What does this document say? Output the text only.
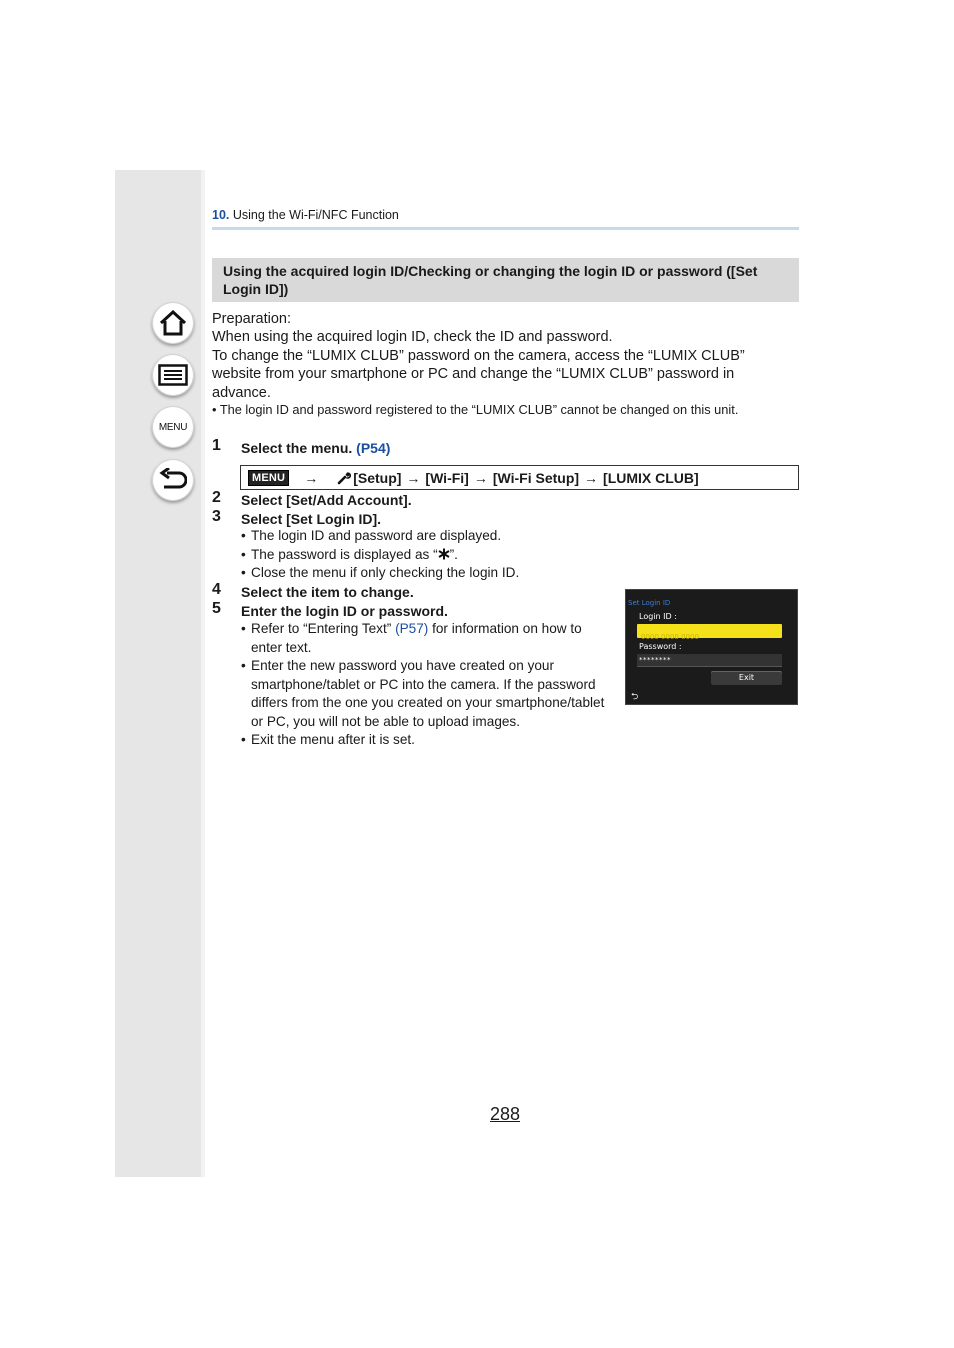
MENU
10. Using the Wi-Fi/NFC Function
Using the acquired login ID/Checking or changing the login ID or password ([Set Login ID])
Preparation:
When using the acquired login ID, check the ID and password.
To change the “LUMIX CLUB” password on the camera, access the “LUMIX CLUB”
website from your smartphone or PC and change the “LUMIX CLUB” password in
advance.
• The login ID and password registered to the “LUMIX CLUB” cannot be changed on this unit.
1 Select the menu. (P54)
MENU →	[Setup] → [Wi-Fi] → [Wi-Fi Setup] → [LUMIX CLUB]
2 Select [Set/Add Account].
3 Select [Set Login ID].
• The login ID and password are displayed.
• The password is displayed as “ ”.
• Close the menu if only checking the login ID.
4 Select the item to change.
5 Enter the login ID or password.
• Refer to “Entering Text” (P57) for information on how to enter text.
• Enter the new password you have created on your smartphone/tablet or PC into the camera. If the password differs from the one you created on your smartphone/tablet or PC, you will not be able to upload images.
• Exit the menu after it is set.
Set Login ID
Login ID :
0000 0000 0000
Password :
********
Exit
⮌
288
